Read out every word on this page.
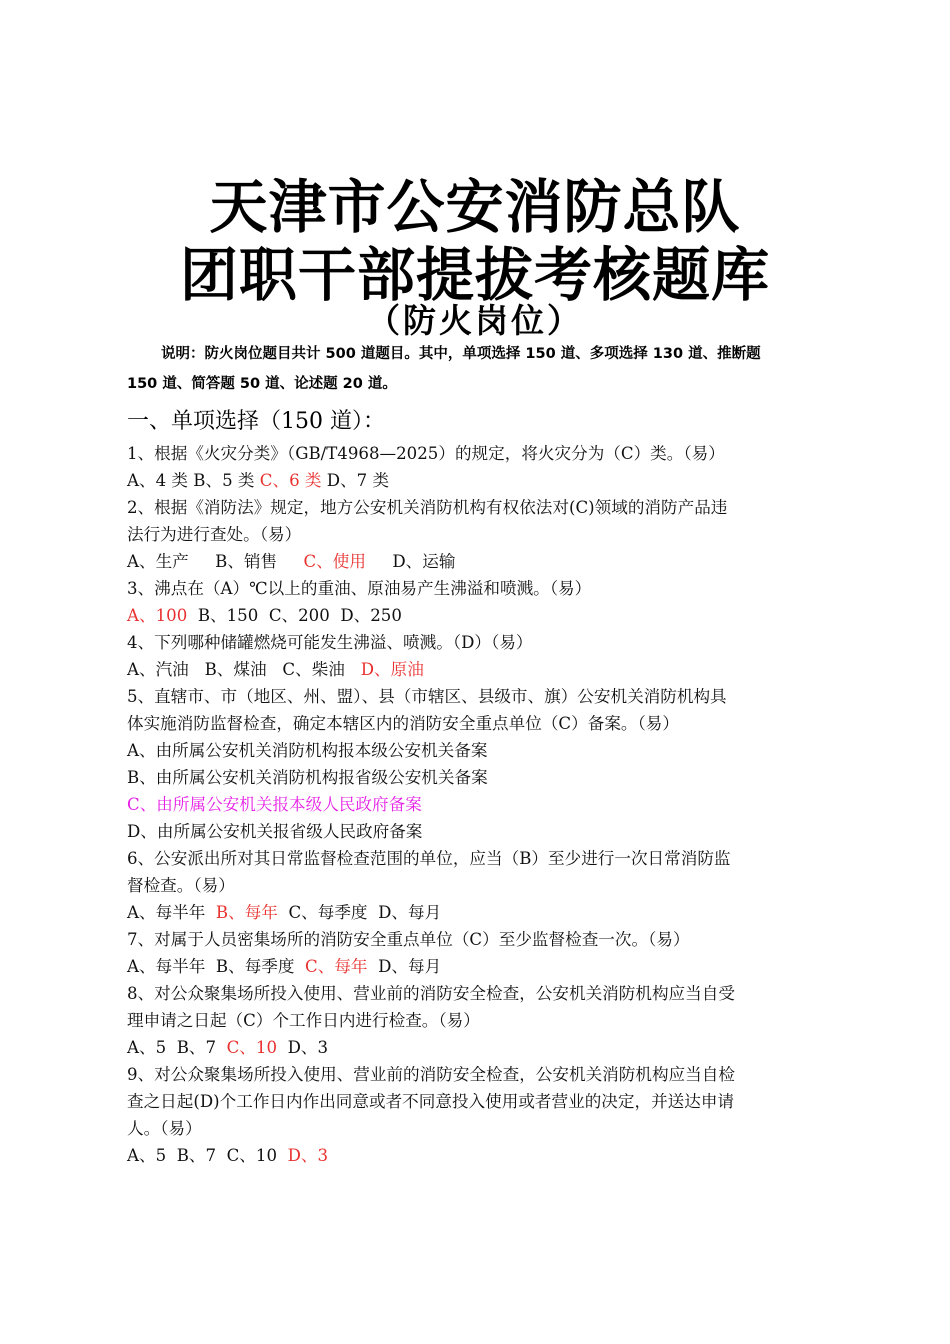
天津市公安消防总队
团职干部提拔考核题库
（防火岗位）
说明：防火岗位题目共计 500 道题目。其中，单项选择 150 道、多项选择 130 道、推断题
150 道、简答题 50 道、论述题 20 道。
一、单项选择（150 道）：
1、根据《火灾分类》（GB/T4968—2025）的规定，将火灾分为（C）类。（易）
A、4 类 B、5 类 C、6 类 D、7 类
2、根据《消防法》规定，地方公安机关消防机构有权依法对(C)领域的消防产品违
法行为进行查处。（易）
A、生产     B、销售     C、使用     D、运输
3、沸点在（A）℃以上的重油、原油易产生沸溢和喷溅。（易）
A、100  B、150  C、200  D、250
4、下列哪种储罐燃烧可能发生沸溢、喷溅。（D）（易）
A、汽油   B、煤油   C、柴油   D、原油
5、直辖市、市（地区、州、盟）、县（市辖区、县级市、旗）公安机关消防机构具
体实施消防监督检查，确定本辖区内的消防安全重点单位（C）备案。（易）
A、由所属公安机关消防机构报本级公安机关备案
B、由所属公安机关消防机构报省级公安机关备案
C、由所属公安机关报本级人民政府备案
D、由所属公安机关报省级人民政府备案
6、公安派出所对其日常监督检查范围的单位，应当（B）至少进行一次日常消防监
督检查。（易）
A、每半年  B、每年  C、每季度  D、每月
7、对属于人员密集场所的消防安全重点单位（C）至少监督检查一次。（易）
A、每半年  B、每季度  C、每年  D、每月
8、对公众聚集场所投入使用、营业前的消防安全检查，公安机关消防机构应当自受
理申请之日起（C）个工作日内进行检查。（易）
A、5  B、7  C、10  D、3
9、对公众聚集场所投入使用、营业前的消防安全检查，公安机关消防机构应当自检
查之日起(D)个工作日内作出同意或者不同意投入使用或者营业的决定，并送达申请
人。（易）
A、5  B、7  C、10  D、3
